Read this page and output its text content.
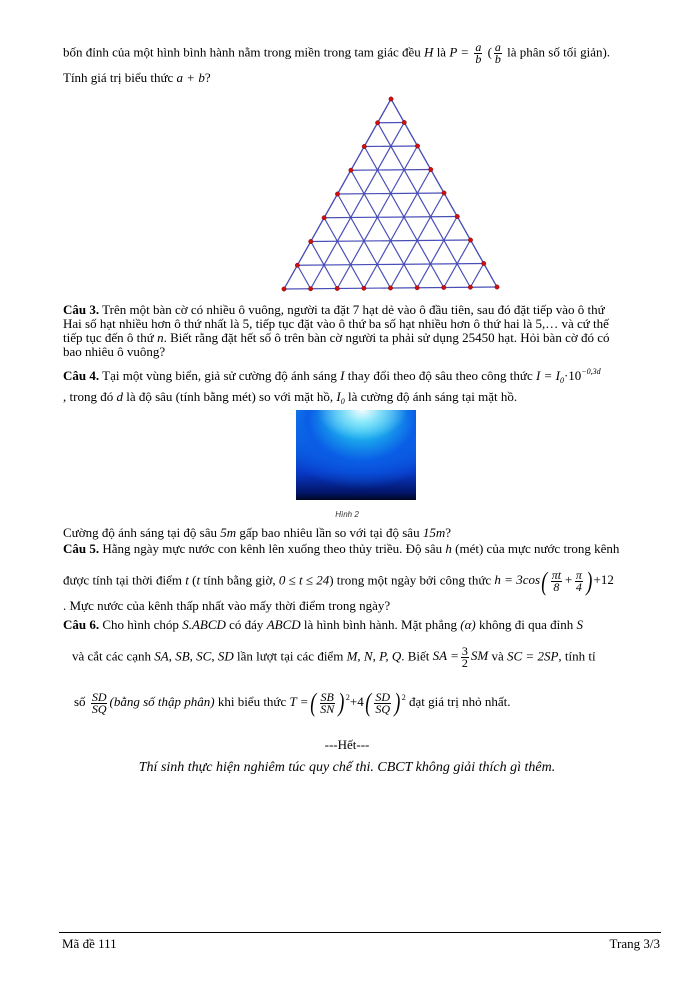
bốn đỉnh của một hình bình hành nằm trong miền trong tam giác đều H là $P = \frac{a}{b}$ ( $\frac{a}{b}$ là phân số tối giản).
Tính giá trị biểu thức a + b?
Câu 3. Trên một bàn cờ có nhiều ô vuông, người ta đặt 7 hạt dẻ vào ô đầu tiên, sau đó đặt tiếp vào ô thứ
Hai số hạt nhiều hơn ô thứ nhất là 5, tiếp tục đặt vào ô thứ ba số hạt nhiều hơn ô thứ hai là 5,… và cứ thế
tiếp tục đến ô thứ n. Biết rằng đặt hết số ô trên bàn cờ người ta phải sử dụng 25450 hạt. Hỏi bàn cờ đó có
bao nhiêu ô vuông?
Câu 4. Tại một vùng biển, giả sử cường độ ánh sáng I thay đổi theo độ sâu theo công thức $I = I_0\cdot 10^{-0,3d}$
, trong đó d là độ sâu (tính bằng mét) so với mặt hồ, $I_0$ là cường độ ánh sáng tại mặt hồ.
Hình 2
Cường độ ánh sáng tại độ sâu 5m gấp bao nhiêu lần so với tại độ sâu 15m?
Câu 5. Hằng ngày mực nước con kênh lên xuống theo thủy triều. Độ sâu h (mét) của mực nước trong kênh
được tính tại thời điểm t (t tính bằng giờ, 0 ≤ t ≤ 24) trong một ngày bởi công thức $h = 3\cos( \frac{\pi t}{8} + \frac{\pi}{4} )+12$
. Mực nước của kênh thấp nhất vào mấy thời điểm trong ngày?
Câu 6. Cho hình chóp S.ABCD có đáy ABCD là hình bình hành. Mặt phẳng (α) không đi qua đỉnh S
và cắt các cạnh SA, SB, SC, SD lần lượt tại các điểm M, N, P, Q. Biết SA = $\frac{3}{2}$ SM và SC = 2SP, tính tỉ
số $\frac{SD}{SQ}$ (bằng số thập phân) khi biểu thức T =( $\frac{SB}{SN} )^2+4( \frac{SD}{SQ} )^2$ đạt giá trị nhỏ nhất.
---Hết---
Thí sinh thực hiện nghiêm túc quy chế thi. CBCT không giải thích gì thêm.
Mã đề 111	Trang 3/3
